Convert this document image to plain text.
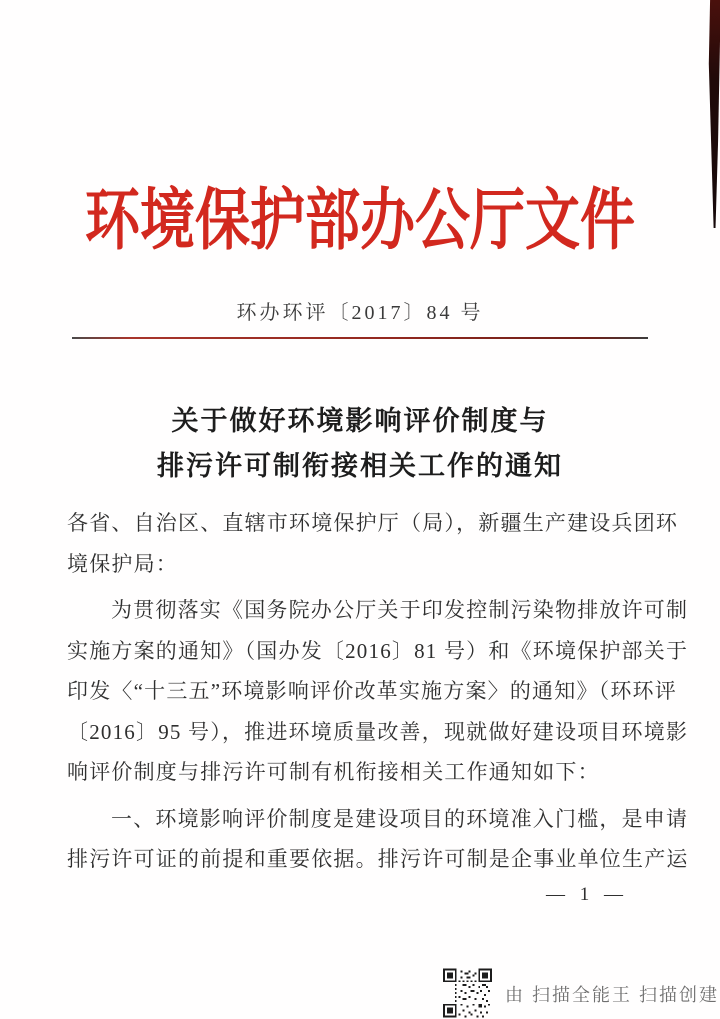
环境保护部办公厅文件
环办环评〔2017〕84 号
关于做好环境影响评价制度与
排污许可制衔接相关工作的通知
各省、自治区、直辖市环境保护厅（局），新疆生产建设兵团环
境保护局：
为贯彻落实《国务院办公厅关于印发控制污染物排放许可制
实施方案的通知》（国办发〔2016〕81 号）和《环境保护部关于
印发〈“十三五”环境影响评价改革实施方案〉的通知》（环环评
〔2016〕95 号），推进环境质量改善，现就做好建设项目环境影
响评价制度与排污许可制有机衔接相关工作通知如下：
一、环境影响评价制度是建设项目的环境准入门槛，是申请
排污许可证的前提和重要依据。排污许可制是企事业单位生产运
— 1 —
由 扫描全能王 扫描创建
